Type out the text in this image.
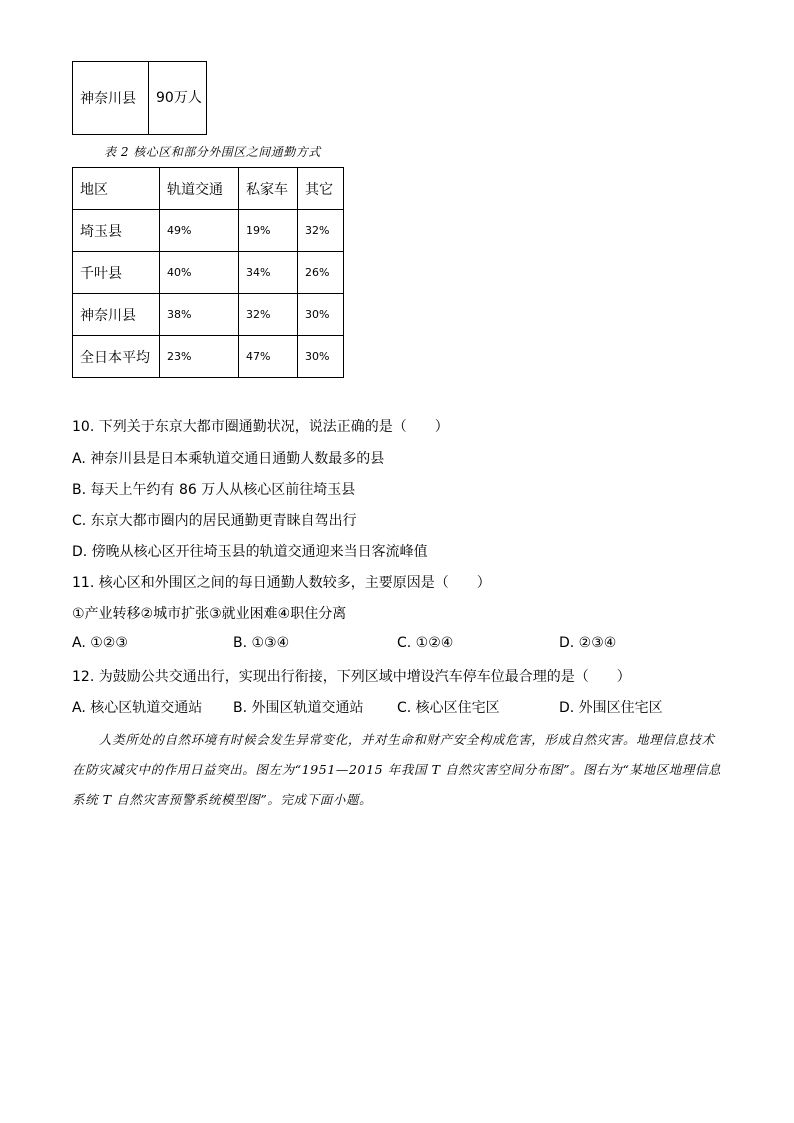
神奈川县	90万人
表 2 核心区和部分外围区之间通勤方式
地区	轨道交通	私家车	其它
埼玉县	49%	19%	32%
千叶县	40%	34%	26%
神奈川县	38%	32%	30%
全日本平均	23%	47%	30%
10. 下列关于东京大都市圈通勤状况，说法正确的是（　　）
A. 神奈川县是日本乘轨道交通日通勤人数最多的县
B. 每天上午约有 86 万人从核心区前往埼玉县
C. 东京大都市圈内的居民通勤更青睐自驾出行
D. 傍晚从核心区开往埼玉县的轨道交通迎来当日客流峰值
11. 核心区和外围区之间的每日通勤人数较多，主要原因是（　　）
①产业转移②城市扩张③就业困难④职住分离
A. ①②③	B. ①③④	C. ①②④	D. ②③④
12. 为鼓励公共交通出行，实现出行衔接，下列区域中增设汽车停车位最合理的是（　　）
A. 核心区轨道交通站 B. 外围区轨道交通站 C. 核心区住宅区	D. 外围区住宅区
人类所处的自然环境有时候会发生异常变化，并对生命和财产安全构成危害，形成自然灾害。地理信息技术在防灾减灾中的作用日益突出。图左为“1951—2015 年我国 T 自然灾害空间分布图”。图右为“某地区地理信息系统 T 自然灾害预警系统模型图”。完成下面小题。
